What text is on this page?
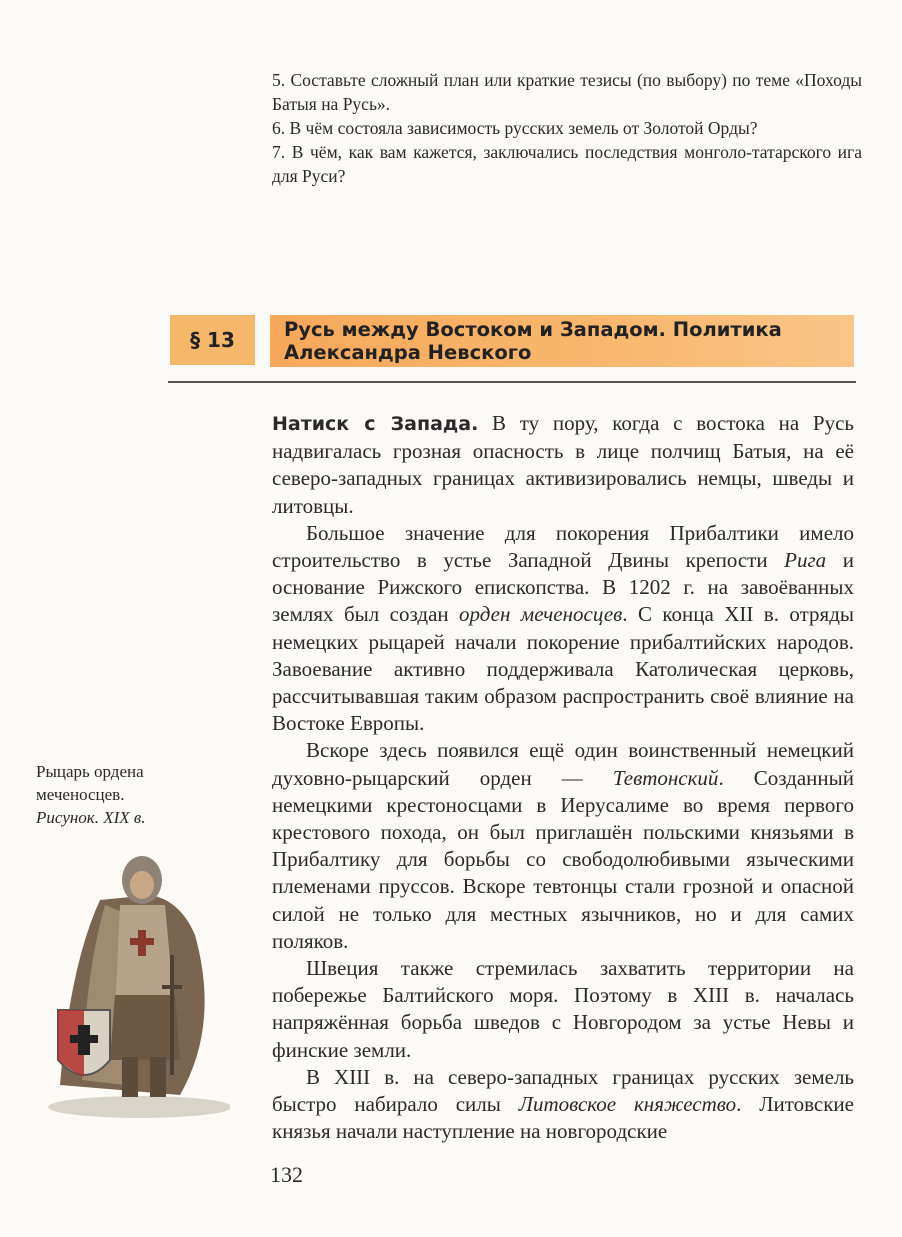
5. Составьте сложный план или краткие тезисы (по выбору) по теме «Походы Батыя на Русь».

6. В чём состояла зависимость русских земель от Золотой Орды?

7. В чём, как вам кажется, заключались последствия монголо-татарского ига для Руси?

§ 13	Русь между Востоком и Западом. Политика
Александра Невского

Натиск с Запада. В ту пору, когда с востока на Русь надвигалась грозная опасность в лице полчищ Батыя, на её северо-западных границах активизировались немцы, шведы и литовцы.

Большое значение для покорения Прибалтики имело строительство в устье Западной Двины крепости Рига и основание Рижского епископства. В 1202 г. на завоёванных землях был создан орден меченосцев. С конца XII в. отряды немецких рыцарей начали покорение прибалтийских народов. Завоевание активно поддерживала Католическая церковь, рассчитывавшая таким образом распространить своё влияние на Востоке Европы.

Вскоре здесь появился ещё один воинственный немецкий духовно-рыцарский орден — Тевтонский. Созданный немецкими крестоносцами в Иерусалиме во время первого крестового похода, он был приглашён польскими князьями в Прибалтику для борьбы со свободолюбивыми языческими племенами пруссов. Вскоре тевтонцы стали грозной и опасной силой не только для местных язычников, но и для самих поляков.

Швеция также стремилась захватить территории на побережье Балтийского моря. Поэтому в XIII в. началась напряжённая борьба шведов с Новгородом за устье Невы и финские земли.

В XIII в. на северо-западных границах русских земель быстро набирало силы Литовское княжество. Литовские князья начали наступление на новгородские

Рыцарь ордена
меченосцев.
Рисунок. XIX в.
132
